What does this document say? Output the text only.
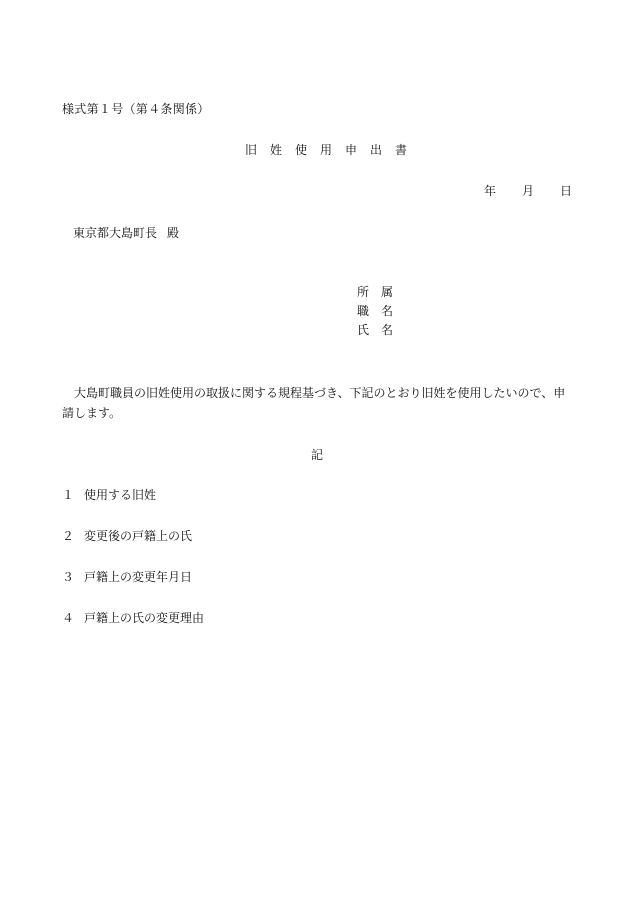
様式第１号（第４条関係）
旧　姓　使　用　申　出　書
年 月 日
東京都大島町長 殿
所　属
職　名
氏　名
大島町職員の旧姓使用の取扱に関する規程基づき、下記のとおり旧姓を使用したいので、申請します。
記
１ 使用する旧姓
２ 変更後の戸籍上の氏
３ 戸籍上の変更年月日
４ 戸籍上の氏の変更理由
